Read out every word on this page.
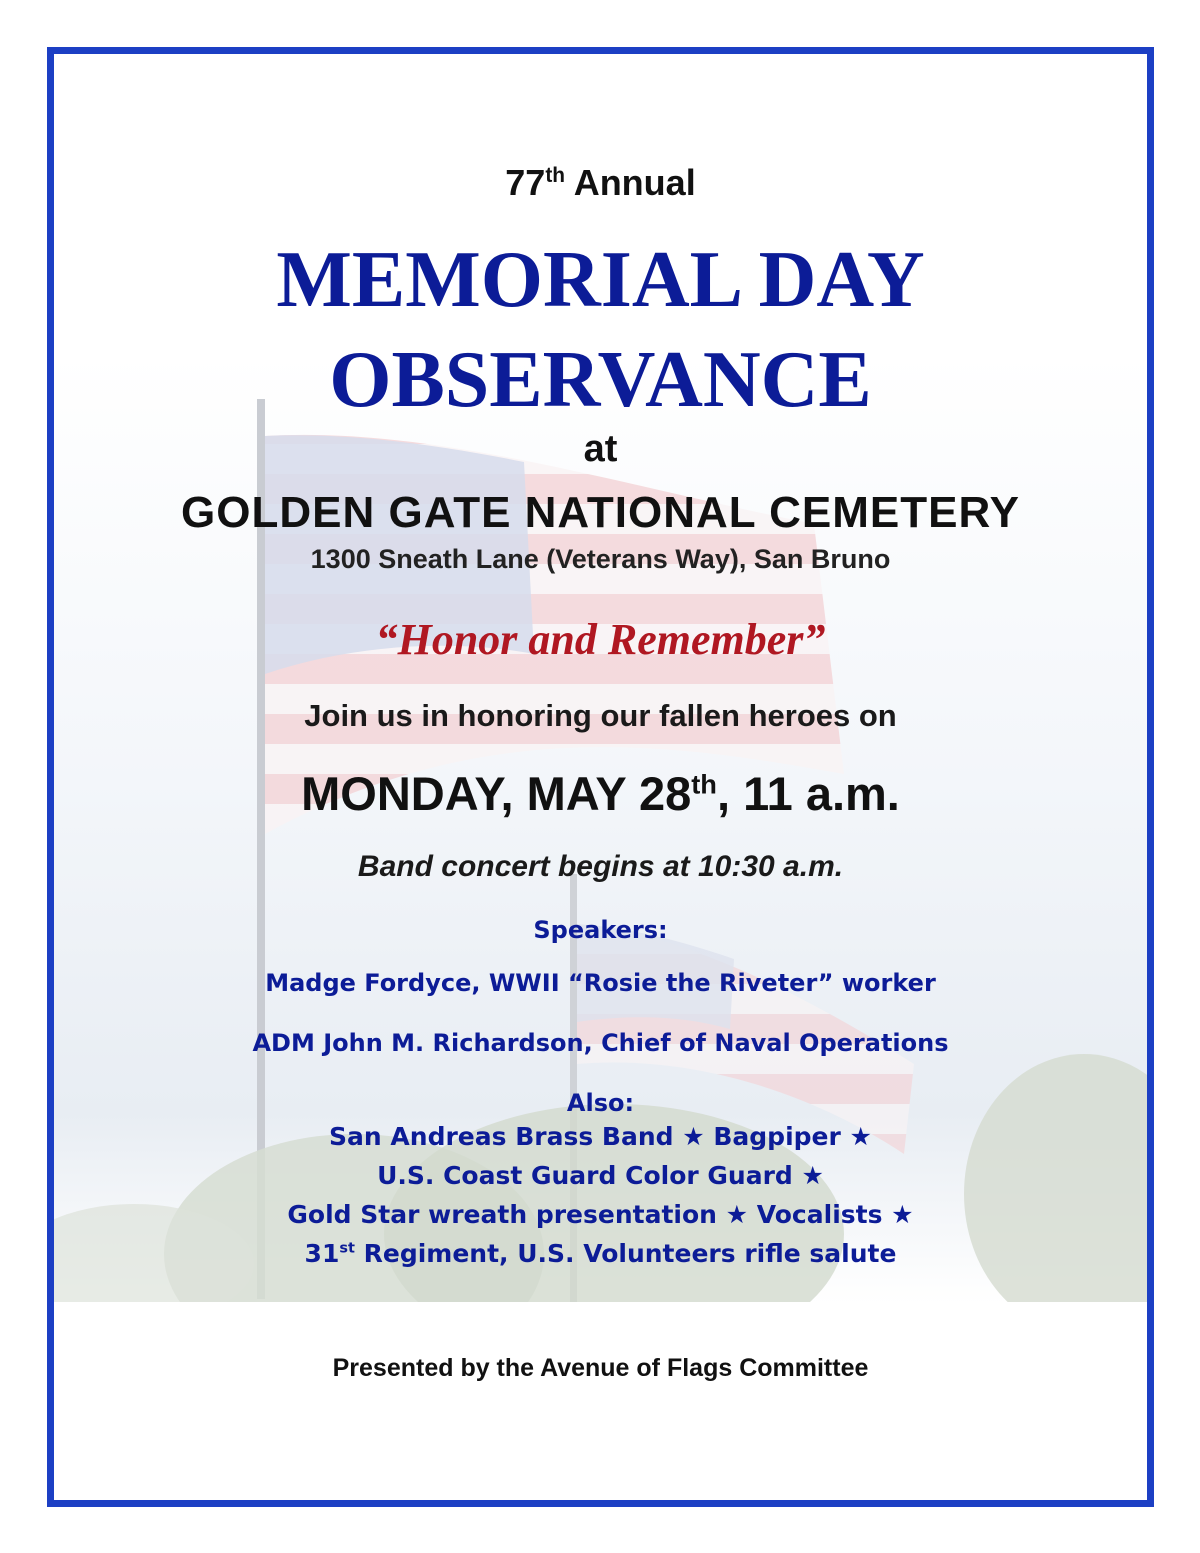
77th Annual
MEMORIAL DAY
OBSERVANCE
at
GOLDEN GATE NATIONAL CEMETERY
1300 Sneath Lane (Veterans Way), San Bruno
“Honor and Remember”
Join us in honoring our fallen heroes on
MONDAY, MAY 28th, 11 a.m.
Band concert begins at 10:30 a.m.
Speakers:
Madge Fordyce, WWII “Rosie the Riveter” worker
ADM John M. Richardson, Chief of Naval Operations
Also:
San Andreas Brass Band ★ Bagpiper ★
U.S. Coast Guard Color Guard ★
Gold Star wreath presentation ★ Vocalists ★
31st Regiment, U.S. Volunteers rifle salute
Presented by the Avenue of Flags Committee
